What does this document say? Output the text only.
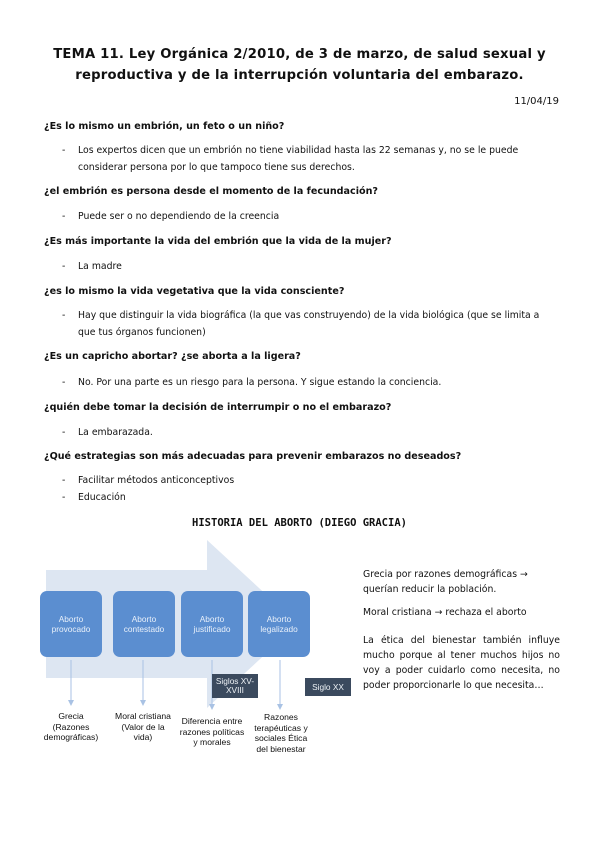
TEMA 11. Ley Orgánica 2/2010, de 3 de marzo, de salud sexual y
reproductiva y de la interrupción voluntaria del embarazo.
11/04/19
¿Es lo mismo un embrión, un feto o un niño?
- Los expertos dicen que un embrión no tiene viabilidad hasta las 22 semanas y, no se le puede considerar persona por lo que tampoco tiene sus derechos.
¿el embrión es persona desde el momento de la fecundación?
- Puede ser o no dependiendo de la creencia
¿Es más importante la vida del embrión que la vida de la mujer?
- La madre
¿es lo mismo la vida vegetativa que la vida consciente?
- Hay que distinguir la vida biográfica (la que vas construyendo) de la vida biológica (que se limita a que tus órganos funcionen)
¿Es un capricho abortar? ¿se aborta a la ligera?
- No. Por una parte es un riesgo para la persona. Y sigue estando la conciencia.
¿quién debe tomar la decisión de interrumpir o no el embarazo?
- La embarazada.
¿Qué estrategias son más adecuadas para prevenir embarazos no deseados?
- Facilitar métodos anticonceptivos
- Educación
HISTORIA DEL ABORTO (DIEGO GRACIA)
Aborto provocado
Aborto contestado
Aborto justificado
Aborto legalizado
Siglos XV-XVIII	Siglo XX
Grecia (Razones demográficas)
Moral cristiana (Valor de la vida)
Diferencia entre razones políticas y morales
Razones terapéuticas y sociales Ética del bienestar
Grecia por razones demográficas → querían reducir la población.
Moral cristiana → rechaza el aborto
La ética del bienestar también influye mucho porque al tener muchos hijos no voy a poder cuidarlo como necesita, no poder proporcionarle lo que necesita…
